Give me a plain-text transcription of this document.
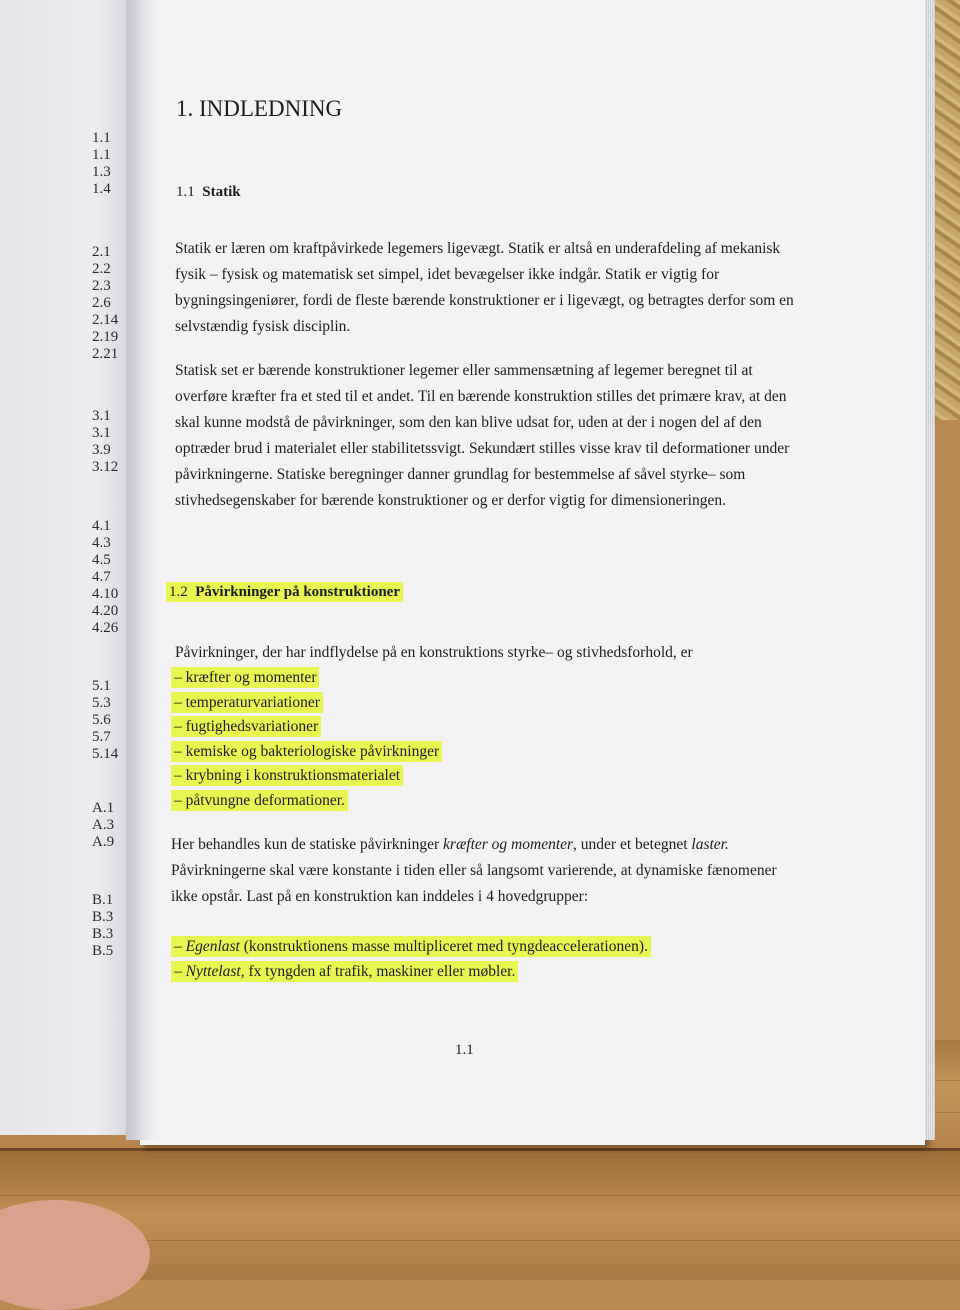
1.1
1.1
1.3
1.4
2.1
2.2
2.3
2.6
2.14
2.19
2.21
3.1
3.1
3.9
3.12
4.1
4.3
4.5
4.7
4.10
4.20
4.26
5.1
5.3
5.6
5.7
5.14
A.1
A.3
A.9
B.1
B.3
B.3
B.5
1. INDLEDNING
1.1 Statik
Statik er læren om kraftpåvirkede legemers ligevægt. Statik er altså en underafdeling af mekanisk fysik – fysisk og matematisk set simpel, idet bevægelser ikke indgår. Statik er vigtig for bygningsingeniører, fordi de fleste bærende konstruktioner er i ligevægt, og betragtes derfor som en selvstændig fysisk disciplin.
Statisk set er bærende konstruktioner legemer eller sammensætning af legemer beregnet til at overføre kræfter fra et sted til et andet. Til en bærende konstruktion stilles det primære krav, at den skal kunne modstå de påvirkninger, som den kan blive udsat for, uden at der i nogen del af den optræder brud i materialet eller stabilitetssvigt. Sekundært stilles visse krav til deformationer under påvirkningerne. Statiske beregninger danner grundlag for bestemmelse af såvel styrke– som stivhedsegenskaber for bærende konstruktioner og er derfor vigtig for dimensioneringen.
1.2 Påvirkninger på konstruktioner
Påvirkninger, der har indflydelse på en konstruktions styrke– og stivhedsforhold, er
– kræfter og momenter
– temperaturvariationer
– fugtighedsvariationer
– kemiske og bakteriologiske påvirkninger
– krybning i konstruktionsmaterialet
– påtvungne deformationer.
Her behandles kun de statiske påvirkninger kræfter og momenter, under et betegnet laster. Påvirkningerne skal være konstante i tiden eller så langsomt varierende, at dynamiske fænomener ikke opstår. Last på en konstruktion kan inddeles i 4 hovedgrupper:
– Egenlast (konstruktionens masse multipliceret med tyngdeaccelerationen).
– Nyttelast, fx tyngden af trafik, maskiner eller møbler.
1.1
